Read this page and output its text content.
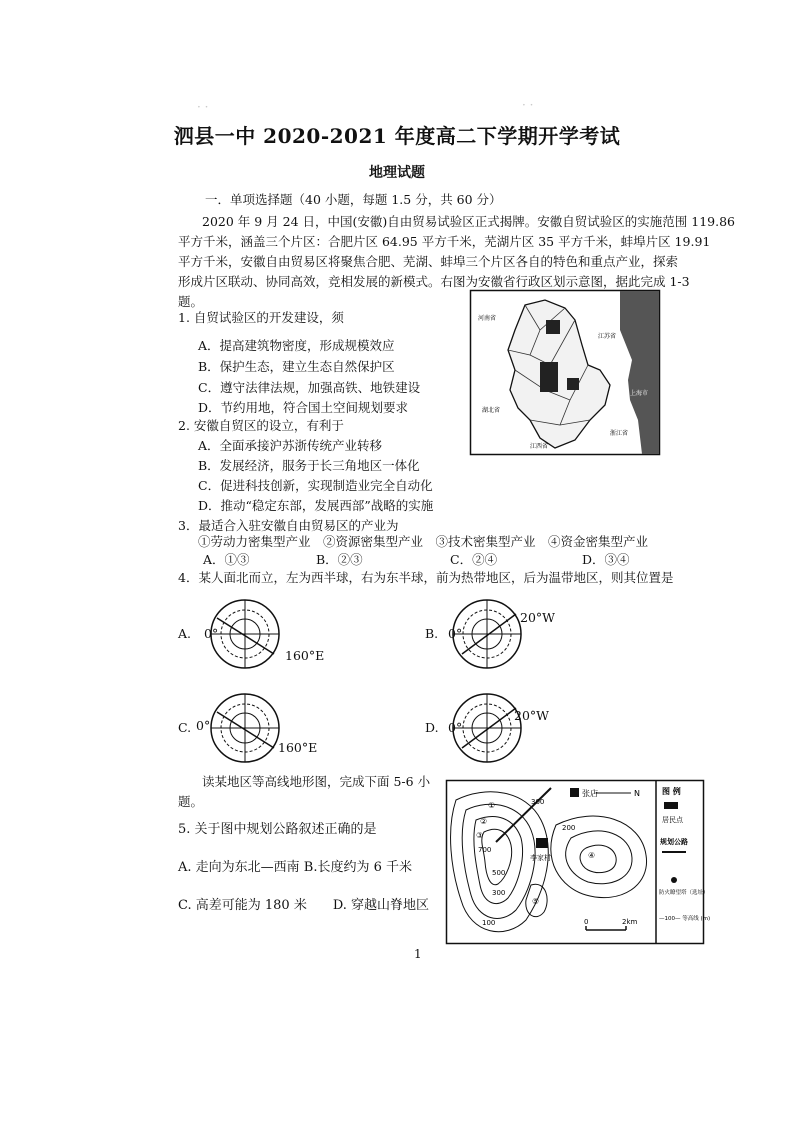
· ·	· ·
泗县一中 2020-2021 年度高二下学期开学考试
地理试题
一．单项选择题（40 小题，每题 1.5 分，共 60 分）
2020 年 9 月 24 日，中国(安徽)自由贸易试验区正式揭牌。安徽自贸试验区的实施范围 119.86
平方千米，涵盖三个片区：合肥片区 64.95 平方千米，芜湖片区 35 平方千米，蚌埠片区 19.91
平方千米，安徽自由贸易区将聚焦合肥、芜湖、蚌埠三个片区各自的特色和重点产业，探索
形成片区联动、协同高效，竞相发展的新模式。右图为安徽省行政区划示意图，据此完成 1-3
题。
河南省
江苏省
浙江省
湖北省
江西省
上海市
1. 自贸试验区的开发建设，须
A．提高建筑物密度，形成规模效应
B．保护生态，建立生态自然保护区
C．遵守法律法规，加强高铁、地铁建设
D．节约用地，符合国土空间规划要求
2. 安徽自贸区的设立，有利于
A．全面承接沪苏浙传统产业转移
B．发展经济，服务于长三角地区一体化
C．促进科技创新，实现制造业完全自动化
D．推动“稳定东部，发展西部”战略的实施
3．最适合入驻安徽自由贸易区的产业为
①劳动力密集型产业　②资源密集型产业　③技术密集型产业　④资金密集型产业
A．①③	B．②③	C．②④	D．③④
4．某人面北而立，左为西半球，右为东半球，前为热带地区，后为温带地区，则其位置是
A. 0°
160°E
B. 0°
20°W
C. 0°
160°E
D. 0°
20°W
读某地区等高线地形图，完成下面 5-6 小
题。
5. 关于图中规划公路叙述正确的是
A. 走向为东北—西南 B.长度约为 6 千米
C. 高差可能为 180 米　　D. 穿越山脊地区
张店	N
李家村
300
200
700
500
300
100
①
②
③
④
⑤
图 例
居民点
规划公路
防火瞭望塔（选址）
—100— 等高线 (m)
0	2km
1
